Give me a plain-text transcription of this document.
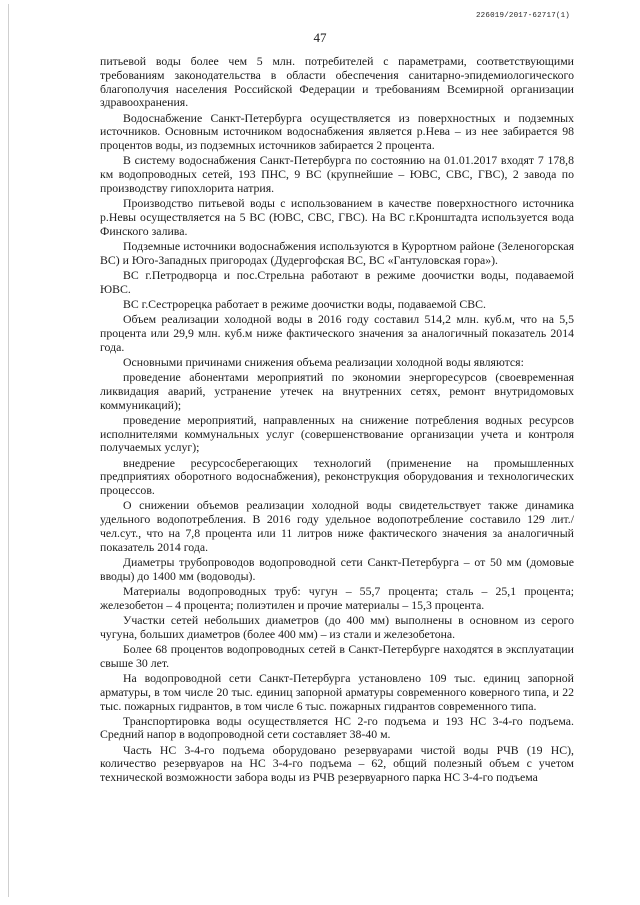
226019/2017-62717(1)
47

питьевой воды более чем 5 млн. потребителей с параметрами, соответствующими требованиям законодательства в области обеспечения санитарно-эпидемиологического благополучия населения Российской Федерации и требованиям Всемирной организации здравоохранения.

Водоснабжение Санкт-Петербурга осуществляется из поверхностных и подземных источников. Основным источником водоснабжения является р.Нева – из нее забирается 98 процентов воды, из подземных источников забирается 2 процента.

В систему водоснабжения Санкт-Петербурга по состоянию на 01.01.2017 входят 7 178,8 км водопроводных сетей, 193 ПНС, 9 ВС (крупнейшие – ЮВС, СВС, ГВС), 2 завода по производству гипохлорита натрия.

Производство питьевой воды с использованием в качестве поверхностного источника р.Невы осуществляется на 5 ВС (ЮВС, СВС, ГВС). На ВС г.Кронштадта используется вода Финского залива.

Подземные источники водоснабжения используются в Курортном районе (Зеленогорская ВС) и Юго-Западных пригородах (Дудергофская ВС, ВС «Гантуловская гора»).

ВС г.Петродворца и пос.Стрельна работают в режиме доочистки воды, подаваемой ЮВС.

ВС г.Сестрорецка работает в режиме доочистки воды, подаваемой СВС.

Объем реализации холодной воды в 2016 году составил 514,2 млн. куб.м, что на 5,5 процента или 29,9 млн. куб.м ниже фактического значения за аналогичный показатель 2014 года.

Основными причинами снижения объема реализации холодной воды являются:

проведение абонентами мероприятий по экономии энергоресурсов (своевременная ликвидация аварий, устранение утечек на внутренних сетях, ремонт внутридомовых коммуникаций);

проведение мероприятий, направленных на снижение потребления водных ресурсов исполнителями коммунальных услуг (совершенствование организации учета и контроля получаемых услуг);

внедрение ресурсосберегающих технологий (применение на промышленных предприятиях оборотного водоснабжения), реконструкция оборудования и технологических процессов.

О снижении объемов реализации холодной воды свидетельствует также динамика удельного водопотребления. В 2016 году удельное водопотребление составило 129 лит./чел.сут., что на 7,8 процента или 11 литров ниже фактического значения за аналогичный показатель 2014 года.

Диаметры трубопроводов водопроводной сети Санкт-Петербурга – от 50 мм (домовые вводы) до 1400 мм (водоводы).

Материалы водопроводных труб: чугун – 55,7 процента; сталь – 25,1 процента; железобетон – 4 процента; полиэтилен и прочие материалы – 15,3 процента.

Участки сетей небольших диаметров (до 400 мм) выполнены в основном из серого чугуна, больших диаметров (более 400 мм) – из стали и железобетона.

Более 68 процентов водопроводных сетей в Санкт-Петербурге находятся в эксплуатации свыше 30 лет.

На водопроводной сети Санкт-Петербурга установлено 109 тыс. единиц запорной арматуры, в том числе 20 тыс. единиц запорной арматуры современного коверного типа, и 22 тыс. пожарных гидрантов, в том числе 6 тыс. пожарных гидрантов современного типа.

Транспортировка воды осуществляется НС 2-го подъема и 193 НС 3-4-го подъема. Средний напор в водопроводной сети составляет 38-40 м.

Часть НС 3-4-го подъема оборудовано резервуарами чистой воды РЧВ (19 НС), количество резервуаров на НС 3-4-го подъема – 62, общий полезный объем с учетом технической возможности забора воды из РЧВ резервуарного парка НС 3-4-го подъема
